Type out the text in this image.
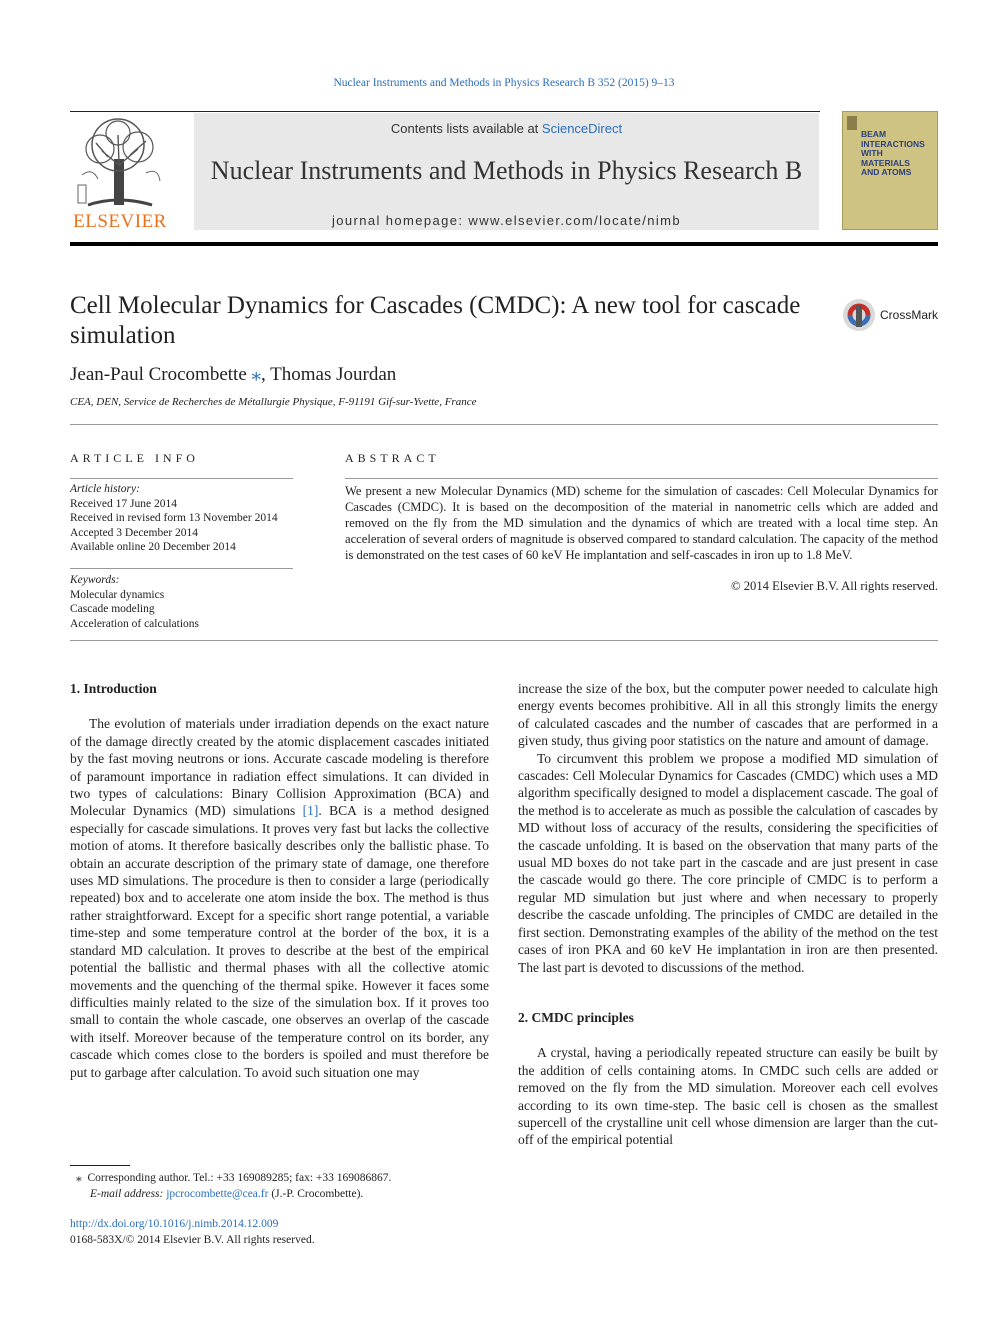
Nuclear Instruments and Methods in Physics Research B 352 (2015) 9–13
ELSEVIER
Contents lists available at ScienceDirect
Nuclear Instruments and Methods in Physics Research B
journal homepage: www.elsevier.com/locate/nimb
BEAM
INTERACTIONS
WITH
MATERIALS
AND ATOMS
Cell Molecular Dynamics for Cascades (CMDC): A new tool for cascade simulation
CrossMark
Jean-Paul Crocombette ⁎, Thomas Jourdan
CEA, DEN, Service de Recherches de Métallurgie Physique, F-91191 Gif-sur-Yvette, France
ARTICLE INFO
Article history:
Received 17 June 2014
Received in revised form 13 November 2014
Accepted 3 December 2014
Available online 20 December 2014
Keywords:
Molecular dynamics
Cascade modeling
Acceleration of calculations
ABSTRACT
We present a new Molecular Dynamics (MD) scheme for the simulation of cascades: Cell Molecular Dynamics for Cascades (CMDC). It is based on the decomposition of the material in nanometric cells which are added and removed on the fly from the MD simulation and the dynamics of which are treated with a local time step. An acceleration of several orders of magnitude is observed compared to standard calculation. The capacity of the method is demonstrated on the test cases of 60 keV He implantation and self-cascades in iron up to 1.8 MeV.
© 2014 Elsevier B.V. All rights reserved.
1. Introduction

The evolution of materials under irradiation depends on the exact nature of the damage directly created by the atomic displacement cascades initiated by the fast moving neutrons or ions. Accurate cascade modeling is therefore of paramount importance in radiation effect simulations. It can divided in two types of calculations: Binary Collision Approximation (BCA) and Molecular Dynamics (MD) simulations [1]. BCA is a method designed especially for cascade simulations. It proves very fast but lacks the collective motion of atoms. It therefore basically describes only the ballistic phase. To obtain an accurate description of the primary state of damage, one therefore uses MD simulations. The procedure is then to consider a large (periodically repeated) box and to accelerate one atom inside the box. The method is thus rather straightforward. Except for a specific short range potential, a variable time-step and some temperature control at the border of the box, it is a standard MD calculation. It proves to describe at the best of the empirical potential the ballistic and thermal phases with all the collective atomic movements and the quenching of the thermal spike. However it faces some difficulties mainly related to the size of the simulation box. If it proves too small to contain the whole cascade, one observes an overlap of the cascade with itself. Moreover because of the temperature control on its border, any cascade which comes close to the borders is spoiled and must therefore be put to garbage after calculation. To avoid such situation one may

increase the size of the box, but the computer power needed to calculate high energy events becomes prohibitive. All in all this strongly limits the energy of calculated cascades and the number of cascades that are performed in a given study, thus giving poor statistics on the nature and amount of damage.

To circumvent this problem we propose a modified MD simulation of cascades: Cell Molecular Dynamics for Cascades (CMDC) which uses a MD algorithm specifically designed to model a displacement cascade. The goal of the method is to accelerate as much as possible the calculation of cascades by MD without loss of accuracy of the results, considering the specificities of the cascade unfolding. It is based on the observation that many parts of the usual MD boxes do not take part in the cascade and are just present in case the cascade would go there. The core principle of CMDC is to perform a regular MD simulation but just where and when necessary to properly describe the cascade unfolding. The principles of CMDC are detailed in the first section. Demonstrating examples of the ability of the method on the test cases of iron PKA and 60 keV He implantation in iron are then presented. The last part is devoted to discussions of the method.

2. CMDC principles

A crystal, having a periodically repeated structure can easily be built by the addition of cells containing atoms. In CMDC such cells are added or removed on the fly from the MD simulation. Moreover each cell evolves according to its own time-step. The basic cell is chosen as the smallest supercell of the crystalline unit cell whose dimension are larger than the cut-off of the empirical potential

⁎ Corresponding author. Tel.: +33 169089285; fax: +33 169086867.
E-mail address: jpcrocombette@cea.fr (J.-P. Crocombette).
http://dx.doi.org/10.1016/j.nimb.2014.12.009
0168-583X/© 2014 Elsevier B.V. All rights reserved.
